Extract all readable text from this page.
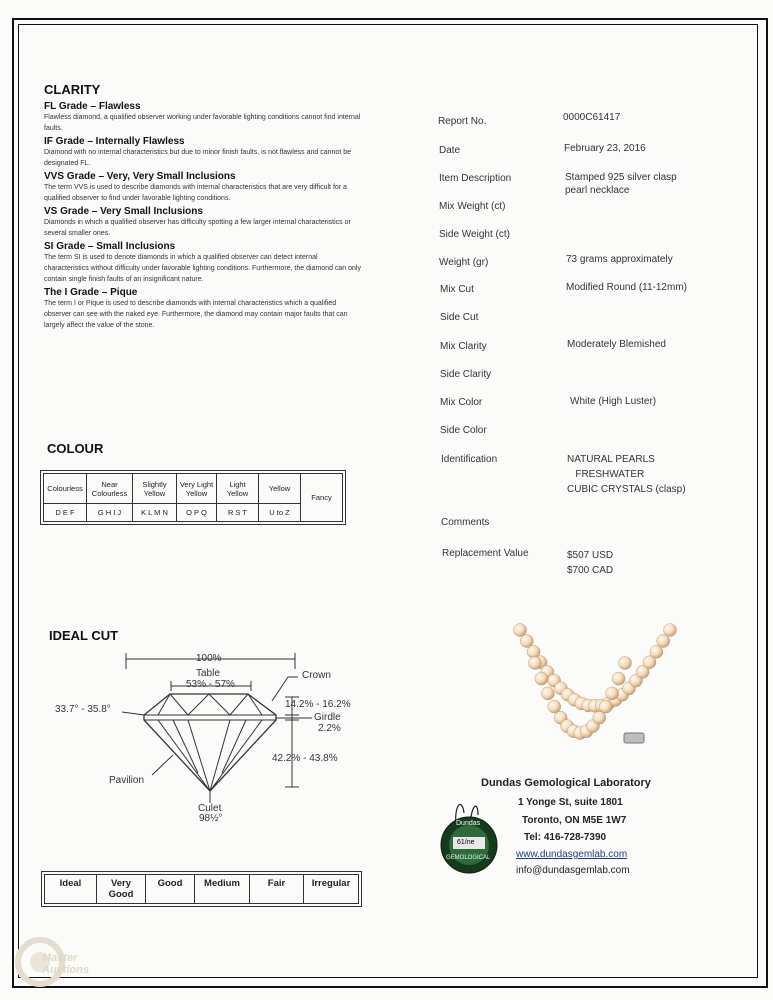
CLARITY
FL Grade – Flawless
Flawless diamond, a qualified observer working under favorable lighting conditions cannot find internal faults.
IF Grade – Internally Flawless
Diamond with no internal characteristics but due to minor finish faults, is not flawless and cannot be designated FL.
VVS Grade – Very, Very Small Inclusions
The term VVS is used to describe diamonds with internal characteristics that are very difficult for a qualified observer to find under favorable lighting conditions.
VS Grade – Very Small Inclusions
Diamonds in which a qualified observer has difficulty spotting a few larger internal characteristics or several smaller ones.
SI Grade – Small Inclusions
The term SI is used to denote diamonds in which a qualified observer can detect internal characteristics without difficulty under favorable lighting conditions. Furthermore, the diamond can only contain single finish faults of an insignificant nature.
The I Grade – Pique
The term I or Pique is used to describe diamonds with internal characteristics which a qualified observer can see with the naked eye. Furthermore, the diamond may contain major faults that can largely affect the value of the stone.
Report No.	0000C61417
Date	February 23, 2016
Item Description	Stamped 925 silver clasp
pearl necklace
Mix Weight (ct)
Side Weight (ct)
Weight (gr)	73 grams approximately
Mix Cut	Modified Round (11-12mm)
Side Cut
Mix Clarity	Moderately Blemished
Side Clarity
Mix Color	White (High Luster)
Side Color
Identification	NATURAL PEARLS
FRESHWATER
CUBIC CRYSTALS (clasp)
Comments
Replacement Value	$507 USD
$700 CAD
COLOUR
Colourless	Near Colourless	Slightly Yellow	Very Light Yellow	Light Yellow	Yellow	Fancy
D E F	G H I J	K L M N	O P Q	R S T	U to Z	
IDEAL CUT
100%
Table
53% - 57%
Crown
33.7° - 35.8°	14.2% - 16.2%
Girdle
2.2%
42.2% - 43.8%
Pavilion
Culet
98½°
Ideal	Very Good	Good	Medium	Fair	Irregular
Dundas Gemological Laboratory
1 Yonge St, suite 1801
Toronto, ON M5E 1W7
Tel: 416-728-7390
www.dundasgemlab.com
info@dundasgemlab.com
Dundas
61/ne
GEMOLOGICAL
Master Auctions
